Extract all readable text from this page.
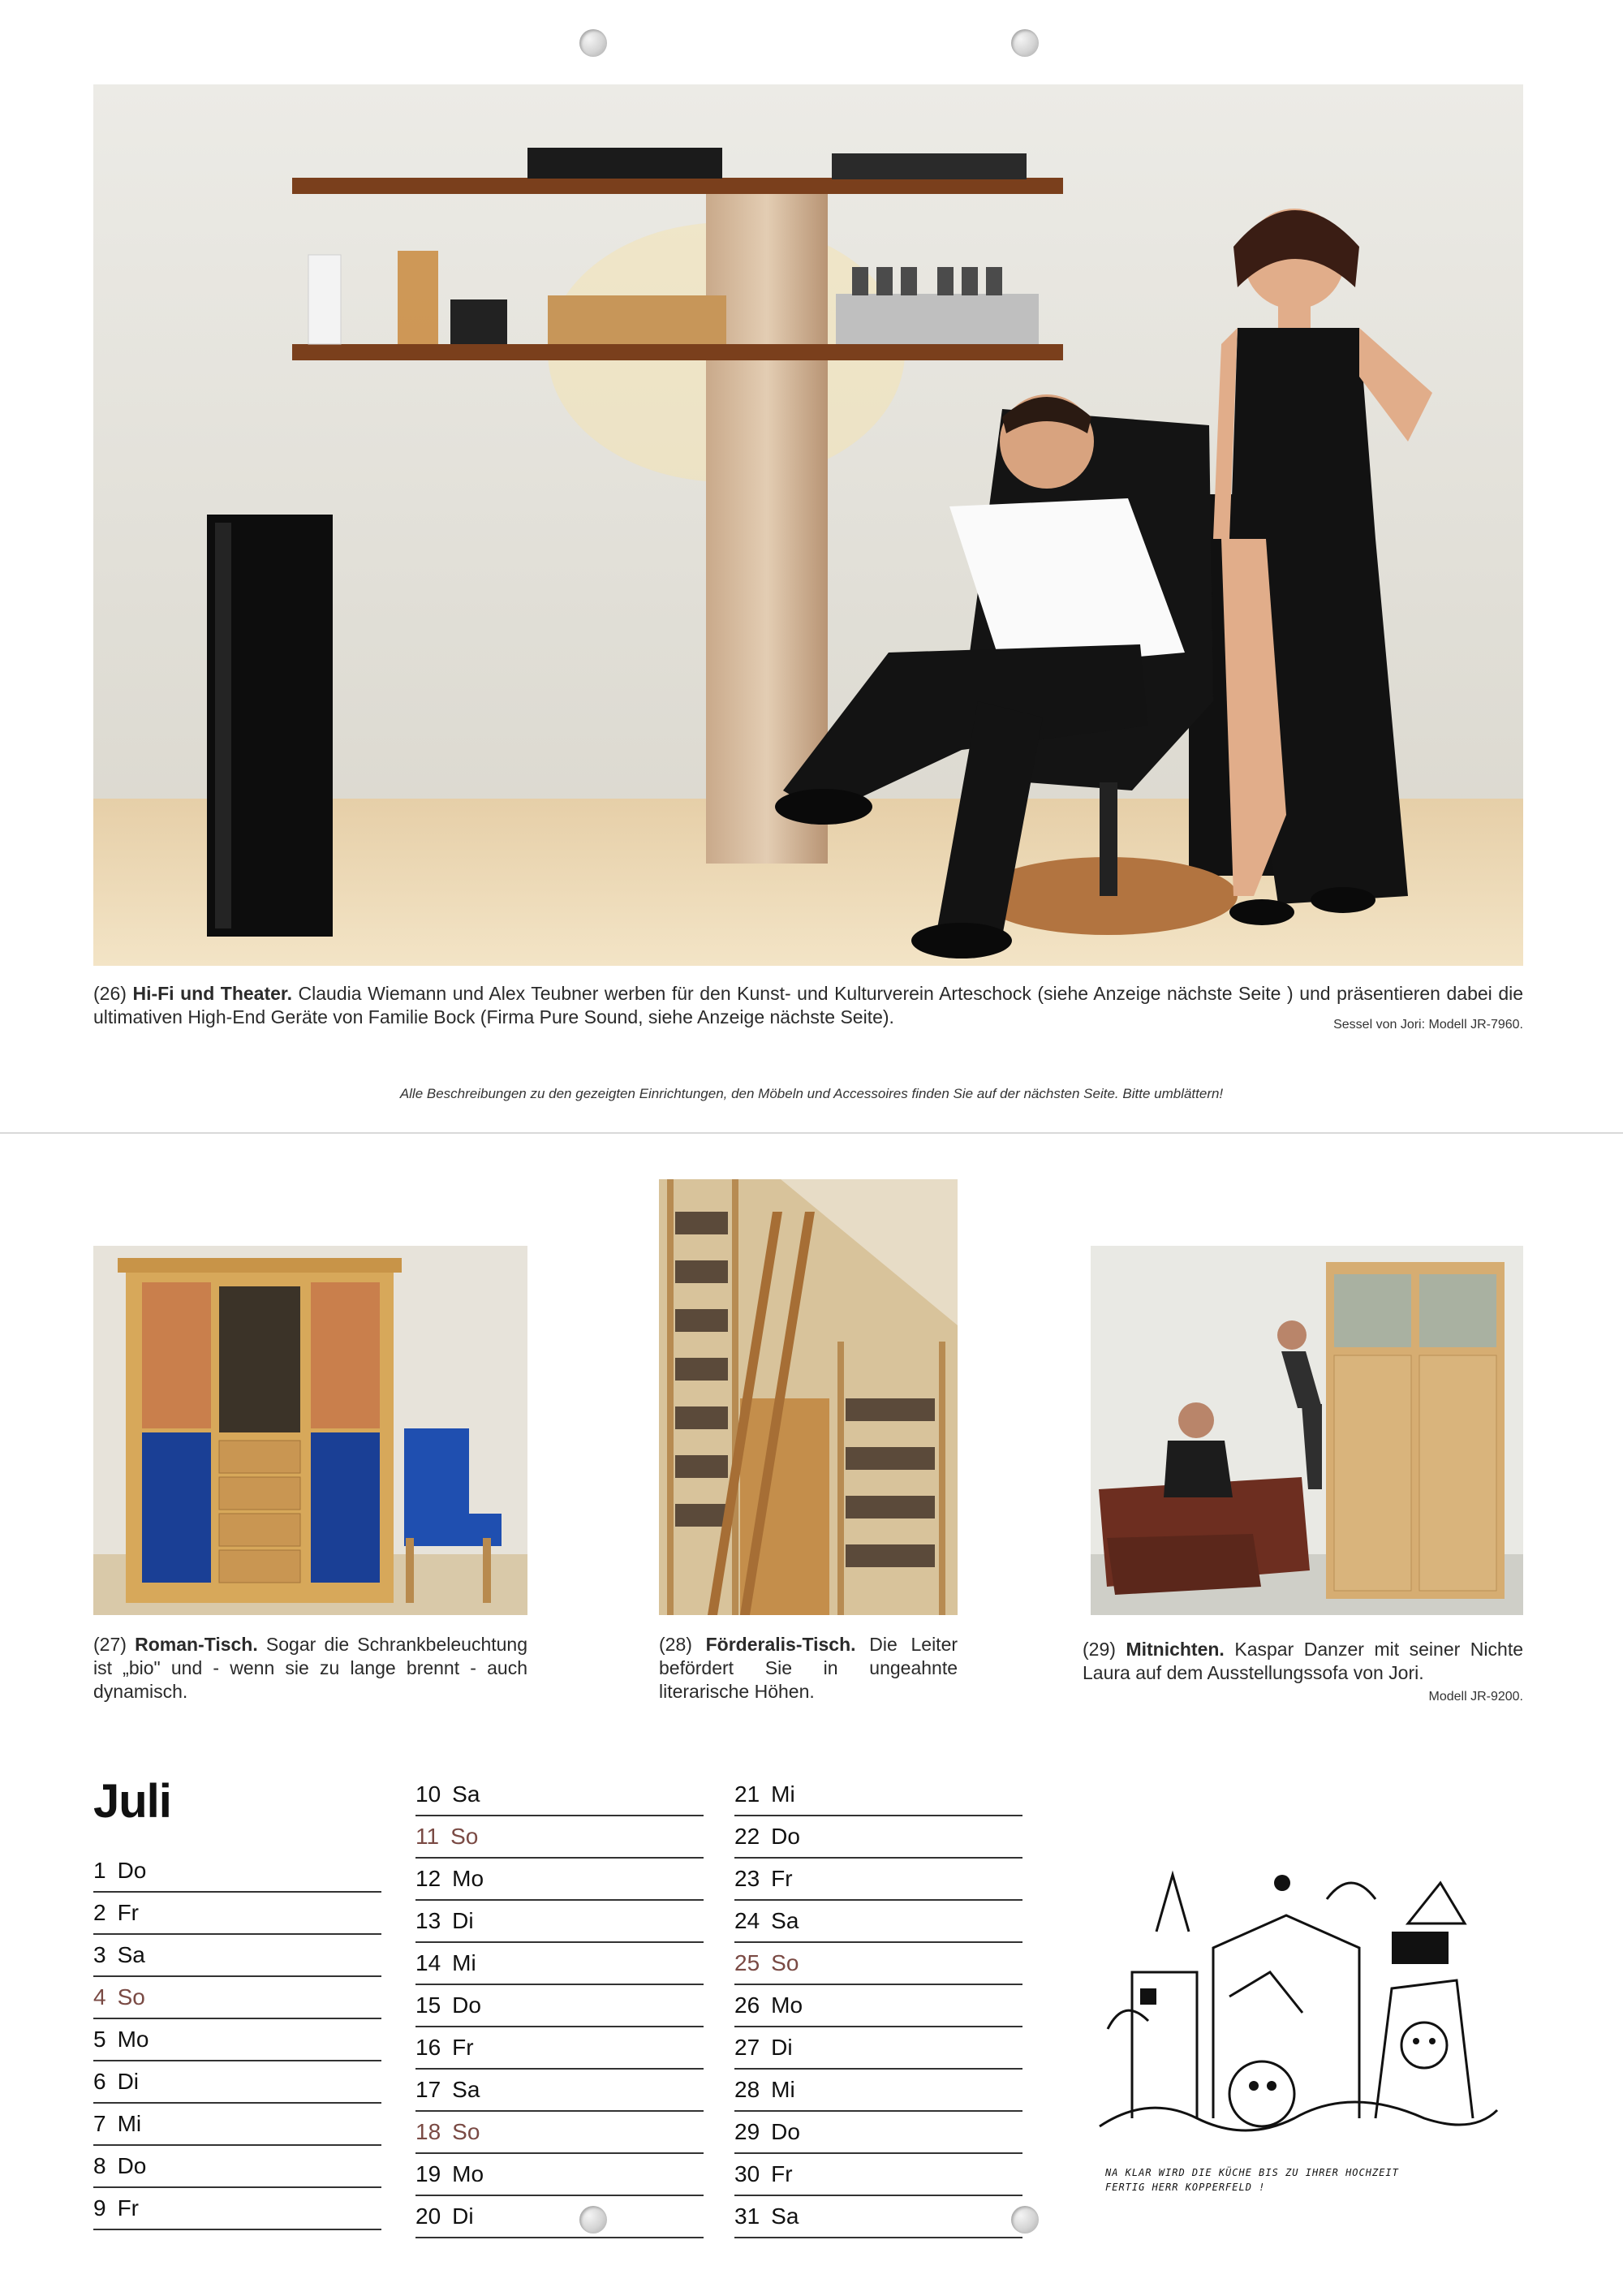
(26) Hi-Fi und Theater. Claudia Wiemann und Alex Teubner werben für den Kunst- und Kulturverein Arteschock (siehe Anzeige nächste Seite ) und präsentieren dabei die ultimativen High-End Geräte von Familie Bock (Firma Pure Sound, siehe Anzeige nächste Seite).	Sessel von Jori: Modell JR-7960.
Alle Beschreibungen zu den gezeigten Einrichtungen, den Möbeln und Accessoires finden Sie auf der nächsten Seite. Bitte umblättern!
(27) Roman-Tisch. Sogar die Schrankbeleuchtung ist „bio" und - wenn sie zu lange brennt - auch dynamisch.
(28) Förderalis-Tisch. Die Leiter befördert Sie in ungeahnte literarische Höhen.
(29) Mitnichten. Kaspar Danzer mit seiner Nichte Laura auf dem Ausstellungssofa von Jori.
Modell JR-9200.
Juli
1 Do
2 Fr
3 Sa
4 So
5 Mo
6 Di
7 Mi
8 Do
9 Fr
10 Sa
11 So
12 Mo
13 Di
14 Mi
15 Do
16 Fr
17 Sa
18 So
19 Mo
20 Di
21 Mi
22 Do
23 Fr
24 Sa
25 So
26 Mo
27 Di
28 Mi
29 Do
30 Fr
31 Sa
NA KLAR WIRD DIE KÜCHE BIS ZU IHRER HOCHZEIT
FERTIG HERR KOPPERFELD !
